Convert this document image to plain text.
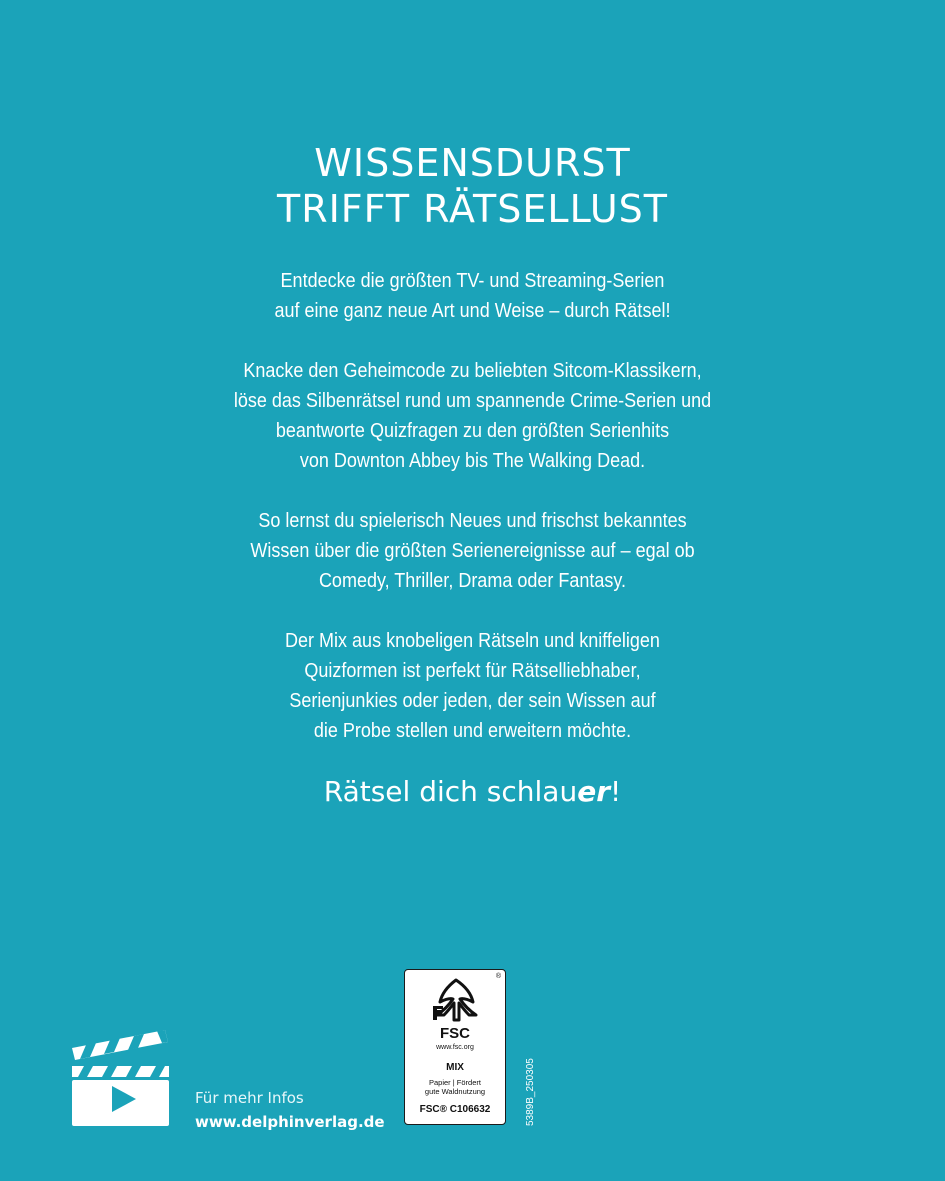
WISSENSDURST
TRIFFT RÄTSELLUST

Entdecke die größten TV- und Streaming-Serien
auf eine ganz neue Art und Weise – durch Rätsel!

Knacke den Geheimcode zu beliebten Sitcom-Klassikern,
löse das Silbenrätsel rund um spannende Crime-Serien und
beantworte Quizfragen zu den größten Serienhits
von Downton Abbey bis The Walking Dead.

So lernst du spielerisch Neues und frischst bekanntes
Wissen über die größten Serienereignisse auf – egal ob
Comedy, Thriller, Drama oder Fantasy.

Der Mix aus knobeligen Rätseln und kniffeligen
Quizformen ist perfekt für Rätselliebhaber,
Serienjunkies oder jeden, der sein Wissen auf
die Probe stellen und erweitern möchte.

Rätsel dich schlauer!
Für mehr Infos
www.delphinverlag.de
®
FSC
www.fsc.org
MIX
Papier | Fördert
gute Waldnutzung
FSC® C106632	5389B_250305
